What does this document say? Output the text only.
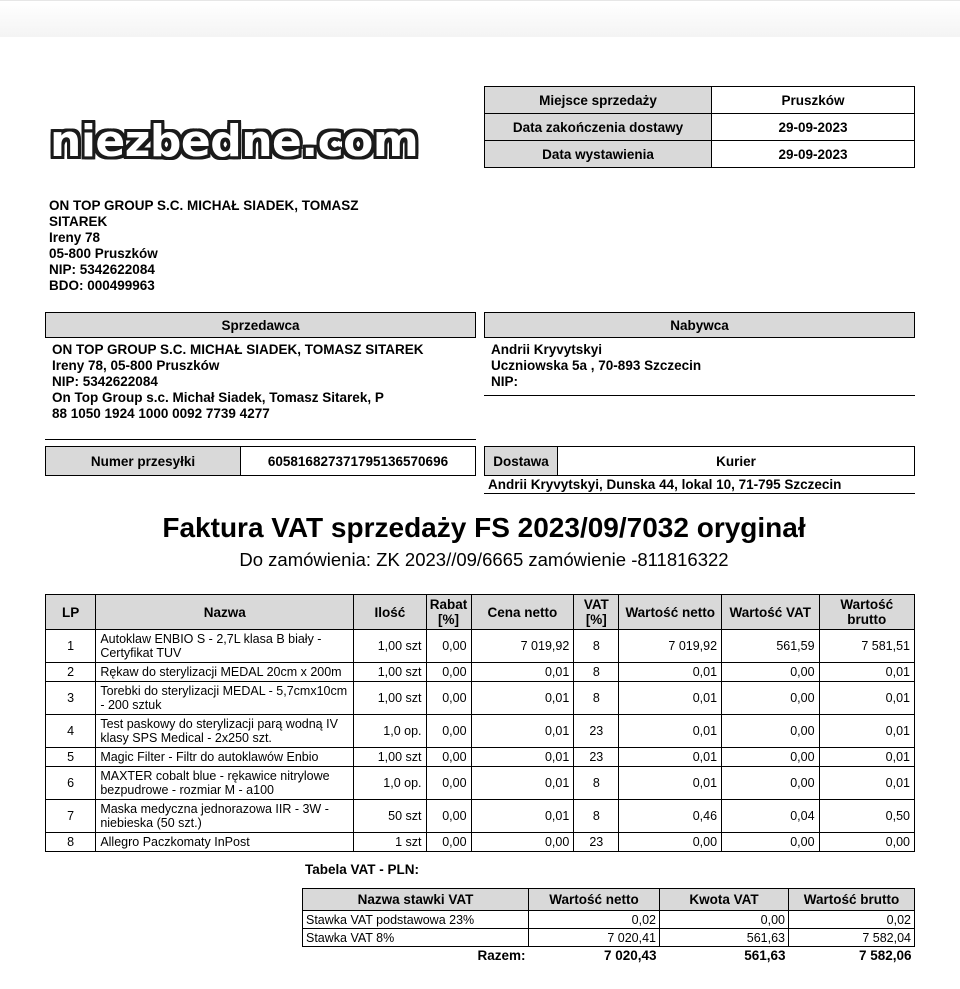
niezbedne.com
Miejsce sprzedaży	Pruszków
Data zakończenia dostawy	29-09-2023
Data wystawienia	29-09-2023
ON TOP GROUP S.C. MICHAŁ SIADEK, TOMASZ
SITAREK
Ireny 78
05-800 Pruszków
NIP: 5342622084
BDO: 000499963
Sprzedawca
ON TOP GROUP S.C. MICHAŁ SIADEK, TOMASZ SITAREK
Ireny 78, 05-800 Pruszków
NIP: 5342622084
On Top Group s.c. Michał Siadek, Tomasz Sitarek, P
88 1050 1924 1000 0092 7739 4277
Nabywca
Andrii Kryvytskyi
Uczniowska 5a , 70-893 Szczecin
NIP:
Numer przesyłki	6058168273717951365706​96	Dostawa	Kurier
Andrii Kryvytskyi, Dunska 44, lokal 10, 71-795 Szczecin
Faktura VAT sprzedaży FS 2023/09/7032 oryginał
Do zamówienia: ZK 2023//09/6665 zamówienie -811816322
LP	Nazwa	Ilość	Rabat [%]	Cena netto	VAT [%]	Wartość netto	Wartość VAT	Wartość brutto
1	Autoklaw ENBIO S - 2,7L klasa B biały - Certyfikat TUV	1,00 szt	0,00	7 019,92	8	7 019,92	561,59	7 581,51
2	Rękaw do sterylizacji MEDAL 20cm x 200m	1,00 szt	0,00	0,01	8	0,01	0,00	0,01
3	Torebki do sterylizacji MEDAL - 5,7cmx10cm - 200 sztuk	1,00 szt	0,00	0,01	8	0,01	0,00	0,01
4	Test paskowy do sterylizacji parą wodną IV klasy SPS Medical - 2x250 szt.	1,0 op.	0,00	0,01	23	0,01	0,00	0,01
5	Magic Filter - Filtr do autoklawów Enbio	1,00 szt	0,00	0,01	23	0,01	0,00	0,01
6	MAXTER cobalt blue - rękawice nitrylowe bezpudrowe - rozmiar M - a100	1,0 op.	0,00	0,01	8	0,01	0,00	0,01
7	Maska medyczna jednorazowa IIR - 3W - niebieska (50 szt.)	50 szt	0,00	0,01	8	0,46	0,04	0,50
8	Allegro Paczkomaty InPost	1 szt	0,00	0,00	23	0,00	0,00	0,00
Tabela VAT - PLN:
Nazwa stawki VAT	Wartość netto	Kwota VAT	Wartość brutto
Stawka VAT podstawowa 23%	0,02	0,00	0,02
Stawka VAT 8%	7 020,41	561,63	7 582,04
Razem:	7 020,43	561,63	7 582,06
